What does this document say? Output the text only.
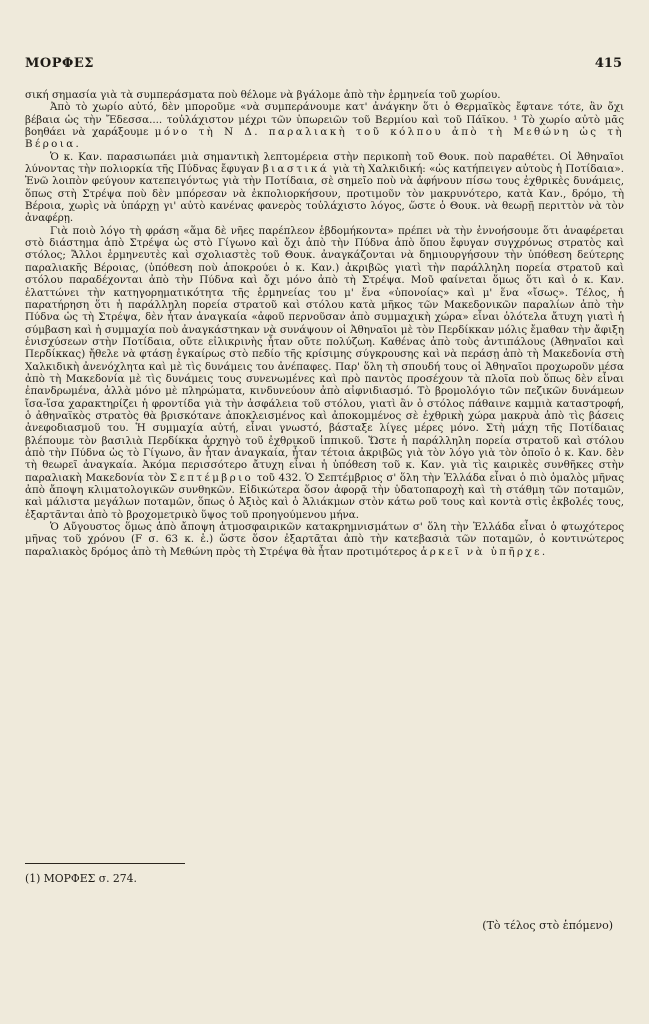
ΜΟΡΦΕΣ	415

σική σημασία γιὰ τὰ συμπεράσματα ποὺ θέλομε νὰ βγάλομε ἀπὸ τὴν ἑρμηνεία τοῦ χωρίου.

Ἀπὸ τὸ χωρίο αὐτό, δὲν μποροῦμε «νὰ συμπεράνουμε κατ' ἀνάγκην ὅτι ὁ Θερμαϊκὸς ἔφτανε τότε, ἂν ὄχι βέβαια ὡς τὴν Ἔδεσσα.... τοὐλάχιστον μέχρι τῶν ὑπωρειῶν τοῦ Βερμίου καὶ τοῦ Πάϊκου. ¹ Τὸ χωρίο αὐτὸ μᾶς βοηθάει νὰ χαράξουμε μόνο τὴ Ν Δ. παραλιακὴ τοῦ κόλπου ἀπὸ τὴ Μεθώνη ὡς τὴ Βέροια.

Ὁ κ. Καν. παρασιωπάει μιὰ σημαντικὴ λεπτομέρεια στὴν περικοπὴ τοῦ Θουκ. ποὺ παραθέτει. Οἱ Ἀθηναῖοι λύνοντας τὴν πολιορκία τῆς Πύδνας ἔφυγαν βιαστικά γιὰ τὴ Χαλκιδική: «ὡς κατήπειγεν αὐτοὺς ἡ Ποτίδαια». Ἑνῶ λοιπὸν φεύγουν κατεπειγόντως γιὰ τὴν Ποτίδαια, σὲ σημεῖο ποὺ νὰ ἀφήνουν πίσω τους ἐχθρικὲς δυνάμεις, ὅπως στὴ Στρέψα ποὺ δὲν μπόρεσαν νὰ ἐκπολιορκήσουν, προτιμοῦν τὸν μακρυνότερο, κατὰ Καν., δρόμο, τὴ Βέροια, χωρὶς νὰ ὑπάρχῃ γι' αὐτὸ κανένας φανερὸς τοὐλάχιστο λόγος, ὥστε ὁ Θουκ. νὰ θεωρῇ περιττὸν νὰ τὸν ἀναφέρῃ.

Γιὰ ποιὸ λόγο τὴ φράση «ἅμα δὲ νῆες παρέπλεον ἑβδομήκοντα» πρέπει νὰ τὴν ἐννοήσουμε ὅτι ἀναφέρεται στὸ διάστημα ἀπὸ Στρέψα ὡς στὸ Γίγωνο καὶ ὄχι ἀπὸ τὴν Πύδνα ἀπὸ ὅπου ἔφυγαν συγχρόνως στρατὸς καὶ στόλος; Ἄλλοι ἑρμηνευτὲς καὶ σχολιαστὲς τοῦ Θουκ. ἀναγκάζονται νὰ δημιουργήσουν τὴν ὑπόθεση δεύτερης παραλιακῆς Βέροιας, (ὑπόθεση ποὺ ἀποκρούει ὁ κ. Καν.) ἀκριβῶς γιατὶ τὴν παράλληλη πορεία στρατοῦ καὶ στόλου παραδέχονται ἀπὸ τὴν Πύδνα καὶ ὄχι μόνο ἀπὸ τὴ Στρέψα. Μοῦ φαίνεται ὅμως ὅτι καὶ ὁ κ. Καν. ἐλαττώνει τὴν κατηγορηματικότητα τῆς ἑρμηνείας του μ' ἕνα «ὑπονοίας» καὶ μ' ἕνα «ἴσως». Τέλος, ἡ παρατήρηση ὅτι ἡ παράλληλη πορεία στρατοῦ καὶ στόλου κατὰ μῆκος τῶν Μακεδονικῶν παραλίων ἀπὸ τὴν Πύδνα ὡς τὴ Στρέψα, δὲν ἦταν ἀναγκαία «ἀφοῦ περνοῦσαν ἀπὸ συμμαχικὴ χώρα» εἶναι ὁλότελα ἄτυχη γιατὶ ἡ σύμβαση καὶ ἡ συμμαχία ποὺ ἀναγκάστηκαν νὰ συνάψουν οἱ Ἀθηναῖοι μὲ τὸν Περδίκκαν μόλις ἔμαθαν τὴν ἄφιξη ἐνισχύσεων στὴν Ποτίδαια, οὔτε εἰλικρινὴς ἦταν οὔτε πολύζωη. Καθένας ἀπὸ τοὺς ἀντιπάλους (Ἀθηναῖοι καὶ Περδίκκας) ἤθελε νὰ φτάσῃ ἐγκαίρως στὸ πεδίο τῆς κρίσιμης σύγκρουσης καὶ νὰ περάσῃ ἀπὸ τὴ Μακεδονία στὴ Χαλκιδικὴ ἀνενόχλητα καὶ μὲ τὶς δυνάμεις του ἀνέπαφες. Παρ' ὅλη τὴ σπουδή τους οἱ Ἀθηναῖοι προχωροῦν μέσα ἀπὸ τὴ Μακεδονία μὲ τὶς δυνάμεις τους συνενωμένες καὶ πρὸ παντὸς προσέχουν τὰ πλοῖα ποὺ ὅπως δὲν εἶναι ἐπανδρωμένα, ἀλλὰ μόνο μὲ πληρώματα, κινδυνεύουν ἀπὸ αἰφνιδιασμό. Τὸ βρομολόγιο τῶν πεζικῶν δυνάμεων ἴσα-ἴσα χαρακτηρίζει ἡ φροντίδα γιὰ τὴν ἀσφάλεια τοῦ στόλου, γιατὶ ἂν ὁ στόλος πάθαινε καμμιὰ καταστροφή, ὁ ἀθηναϊκὸς στρατὸς θὰ βρισκότανε ἀποκλεισμένος καὶ ἀποκομμένος σὲ ἐχθρικὴ χώρα μακρυὰ ἀπὸ τὶς βάσεις ἀνεφοδιασμοῦ του. Ἡ συμμαχία αὐτή, εἶναι γνωστό, βάσταξε λίγες μέρες μόνο. Στὴ μάχη τῆς Ποτίδαιας βλέπουμε τὸν βασιλιὰ Περδίκκα ἀρχηγὸ τοῦ ἐχθρικοῦ ἱππικοῦ. Ὥστε ἡ παράλληλη πορεία στρατοῦ καὶ στόλου ἀπὸ τὴν Πύδνα ὡς τὸ Γίγωνο, ἂν ἦταν ἀναγκαία, ἦταν τέτοια ἀκριβῶς γιὰ τὸν λόγο γιὰ τὸν ὁποῖο ὁ κ. Καν. δὲν τὴ θεωρεῖ ἀναγκαία. Ἀκόμα περισσότερο ἄτυχη εἶναι ἡ ὑπόθεση τοῦ κ. Καν. γιὰ τὶς καιρικὲς συνθῆκες στὴν παραλιακὴ Μακεδονία τὸν Σεπτέμβριο τοῦ 432. Ὁ Σεπτέμβριος σ' ὅλη τὴν Ἑλλάδα εἶναι ὁ πιὸ ὁμαλὸς μῆνας ἀπὸ ἄποψη κλιματολογικῶν συνθηκῶν. Εἰδικώτερα ὅσον ἀφορᾷ τὴν ὑδατοπαροχὴ καὶ τὴ στάθμη τῶν ποταμῶν, καὶ μάλιστα μεγάλων ποταμῶν, ὅπως ὁ Ἀξιὸς καὶ ὁ Ἁλιάκμων στὸν κάτω ροῦ τους καὶ κοντὰ στὶς ἐκβολές τους, ἐξαρτᾶνται ἀπὸ τὸ βροχομετρικὸ ὕψος τοῦ προηγούμενου μήνα.

Ὁ Αὔγουστος ὅμως ἀπὸ ἄποψη ἀτμοσφαιρικῶν κατακρημνισμάτων σ' ὅλη τὴν Ἑλλάδα εἶναι ὁ φτωχότερος μῆνας τοῦ χρόνου (F σ. 63 κ. ἑ.) ὥστε ὅσον ἐξαρτᾶται ἀπὸ τὴν κατεβασιὰ τῶν ποταμῶν, ὁ κοντινώτερος παραλιακὸς δρόμος ἀπὸ τὴ Μεθώνη πρὸς τὴ Στρέψα θὰ ἦταν προτιμότερος ἀρκεῖ νὰ ὑπῆρχε.

(1) ΜΟΡΦΕΣ σ. 274.
(Τὸ τέλος στὸ ἑπόμενο)
